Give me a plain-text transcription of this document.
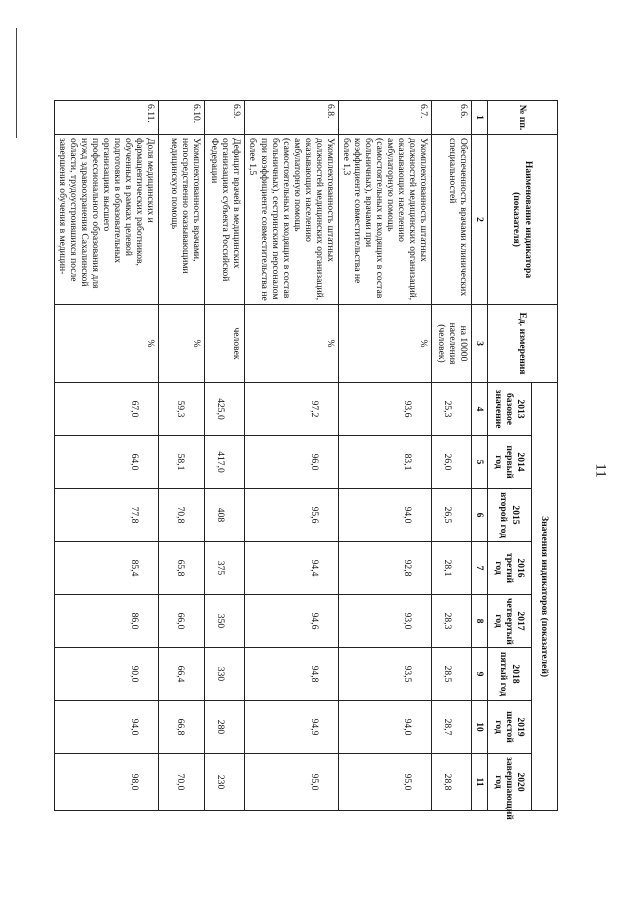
11
№ пп.	Наименование индикатора (показателя)	Ед. измерения	Значения индикаторов (показателей)							
			2013 базовое значение	2014 первый год	2015 второй год	2016 третий год	2017 четвертый год	2018 пятый год	2019 шестой год	2020 завершающий год
1	2	3	4	5	6	7	8	9	10	11
6.6.	Обеспеченность врачами клинических специальностей	на 10000 населения (человек)	25,3	26,0	26,5	28,1	28,3	28,5	28,7	28,8
6.7.	Укомплектованность штатных должностей медицинских организаций, оказывающих населению амбулаторную помощь (самостоятельных и входящих в состав больничных), врачами при коэффициенте совместительства не более 1,3	%	93,6	83,1	94,0	92,8	93,0	93,5	94,0	95,0
6.8.	Укомплектованность штатных должностей медицинских организаций, оказывающих населению амбулаторную помощь (самостоятельных и входящих в состав больничных), сестринским персоналом при коэффициенте совместительства не более 1,5	%	97,2	96,0	95,6	94,4	94,6	94,8	94,9	95,0
6.9.	Дефицит врачей в медицинских организациях субъекта Российской Федерации	человек	425,0	417,0	408	375	350	330	280	230
6.10.	Укомплектованность врачами, непосредственно оказывающими медицинскую помощь	%	59,3	58,1	70,8	65,8	66,0	66,4	66,8	70,0
6.11.	Доля медицинских и фармацевтических работников, обученных в рамках целевой подготовки в образовательных организациях высшего профессионального образования для нужд здравоохранения Сахалинской области, трудоустроившихся после завершения обучения в медицин-	%	67,0	64,0	77,8	85,4	86,0	90,0	94,0	98,0
